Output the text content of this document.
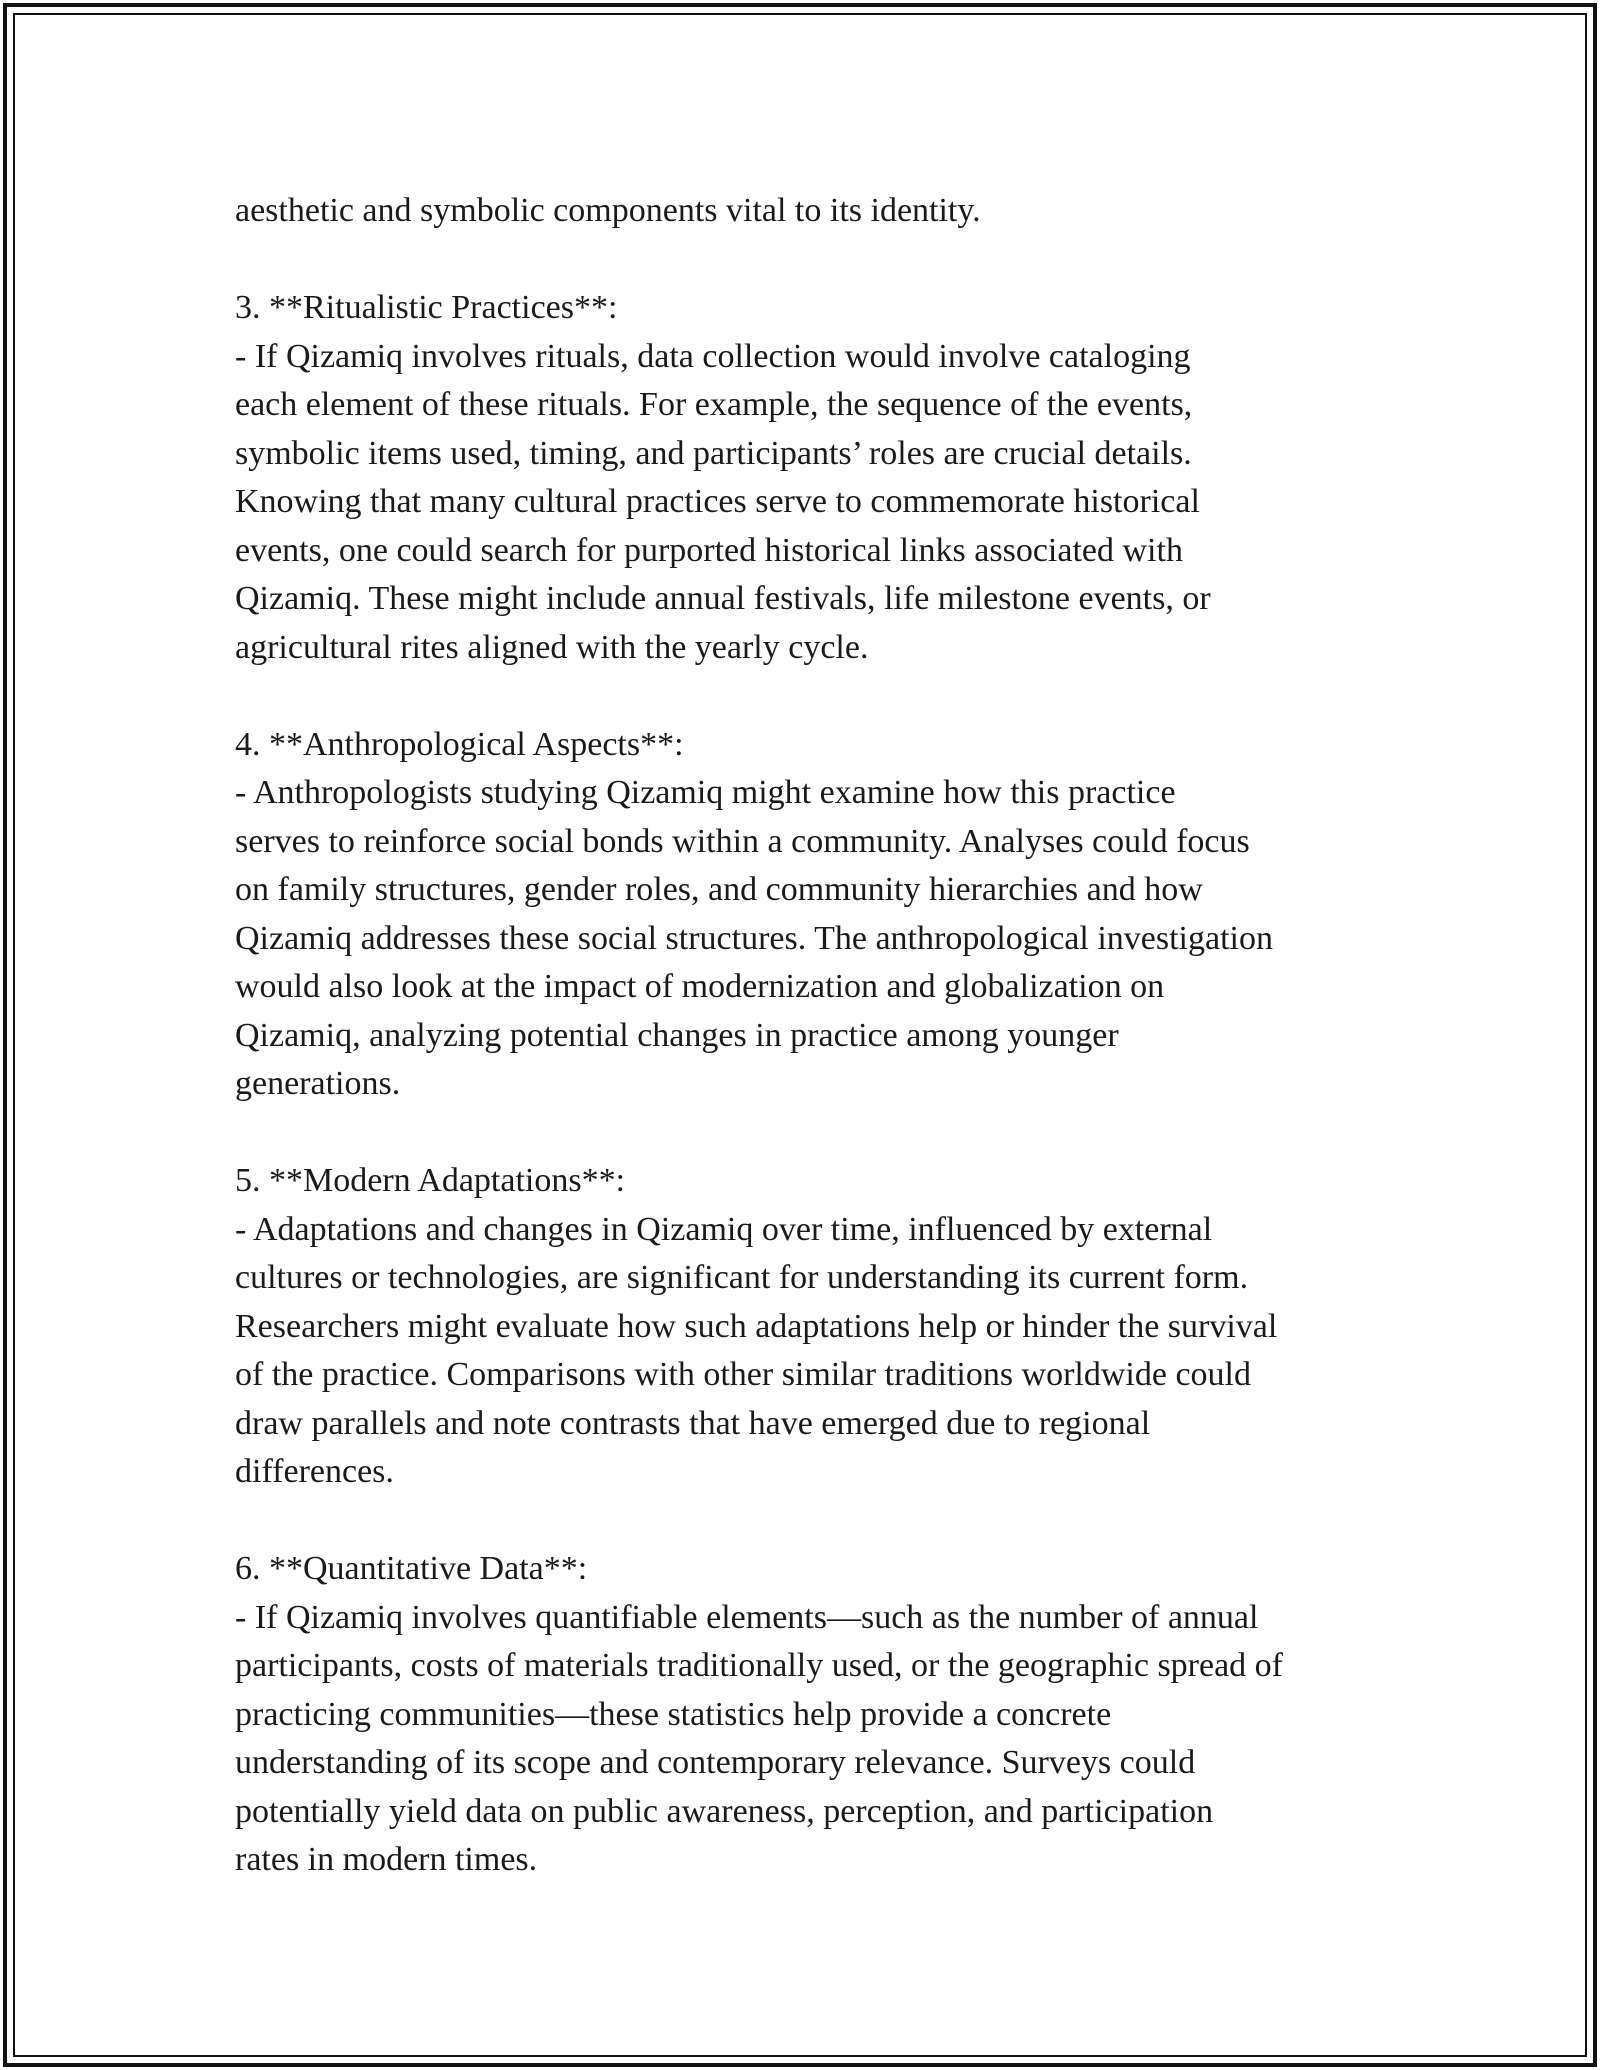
aesthetic and symbolic components vital to its identity.

3. **Ritualistic Practices**:

- If Qizamiq involves rituals, data collection would involve cataloging
each element of these rituals. For example, the sequence of the events,
symbolic items used, timing, and participants’ roles are crucial details.
Knowing that many cultural practices serve to commemorate historical
events, one could search for purported historical links associated with
Qizamiq. These might include annual festivals, life milestone events, or
agricultural rites aligned with the yearly cycle.

4. **Anthropological Aspects**:

- Anthropologists studying Qizamiq might examine how this practice
serves to reinforce social bonds within a community. Analyses could focus
on family structures, gender roles, and community hierarchies and how
Qizamiq addresses these social structures. The anthropological investigation
would also look at the impact of modernization and globalization on
Qizamiq, analyzing potential changes in practice among younger
generations.

5. **Modern Adaptations**:

- Adaptations and changes in Qizamiq over time, influenced by external
cultures or technologies, are significant for understanding its current form.
Researchers might evaluate how such adaptations help or hinder the survival
of the practice. Comparisons with other similar traditions worldwide could
draw parallels and note contrasts that have emerged due to regional
differences.

6. **Quantitative Data**:

- If Qizamiq involves quantifiable elements—such as the number of annual
participants, costs of materials traditionally used, or the geographic spread of
practicing communities—these statistics help provide a concrete
understanding of its scope and contemporary relevance. Surveys could
potentially yield data on public awareness, perception, and participation
rates in modern times.
